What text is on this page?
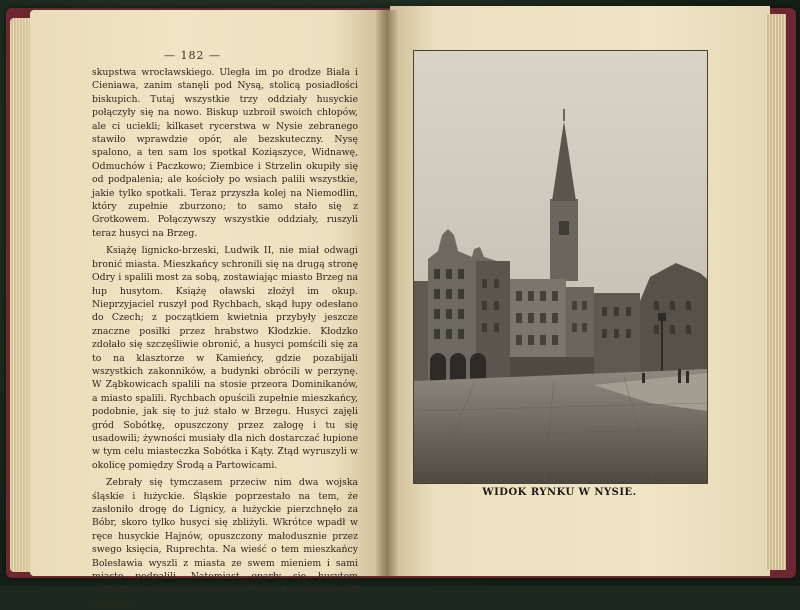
— 182 —

skupstwa wrocławskiego. Uległa im po drodze Biała i Cieniawa, zanim stanęli pod Nysą, stolicą posiadłości biskupich. Tutaj wszystkie trzy oddziały husyckie połączyły się na nowo. Biskup uzbroił swoich chłopów, ale ci uciekli; kilkaset rycerstwa w Nysie zebranego stawiło wprawdzie opór, ale bezskuteczny. Nysę spalono, a ten sam los spotkał Koziąszyce, Widnawę, Odmuchów i Paczkowo; Ziembice i Strzelin okupiły się od podpalenia; ale kościoły po wsiach palili wszystkie, jakie tylko spotkali. Teraz przyszła kolej na Niemodlin, który zupełnie zburzono; to samo stało się z Grotkowem. Połączywszy wszystkie oddziały, ruszyli teraz husyci na Brzeg.

Książę lignicko-brzeski, Ludwik II, nie miał odwagi bronić miasta. Mieszkańcy schronili się na drugą stronę Odry i spalili most za sobą, zostawiając miasto Brzeg na łup husytom. Książę oławski złożył im okup. Nieprzyjaciel ruszył pod Rychbach, skąd łupy odesłano do Czech; z początkiem kwietnia przybyły jeszcze znaczne posiłki przez hrabstwo Kłodzkie. Kłodzko zdołało się szczęśliwie obronić, a husyci pomścili się za to na klasztorze w Kamieńcy, gdzie pozabijali wszystkich zakonników, a budynki obrócili w perzynę. W Ząbkowicach spalili na stosie przeora Dominikanów, a miasto spalili. Rychbach opuścili zupełnie mieszkańcy, podobnie, jak się to już stało w Brzegu. Husyci zajęli gród Sobótkę, opuszczony przez załogę i tu się usadowili; żywności musiały dla nich dostarczać łupione w tym celu miasteczka Sobótka i Kąty. Ztąd wyruszyli w okolicę pomiędzy Środą a Partowicami.

Zebrały się tymczasem przeciw nim dwa wojska śląskie i łużyckie. Śląskie poprzestało na tem, że zasłoniło drogę do Lignicy, a łużyckie pierzchnęło za Bóbr, skoro tylko husyci się zbliżyli. Wkrótce wpadł w ręce husyckie Hajnów, opuszczony małodusznie przez swego księcia, Ruprechta. Na wieść o tem mieszkańcy Bolesławia wyszli z miasta ze swem mieniem i sami miasto podpalili. Natomiast oparły się husytom szczęśliwie miasta Ścinawa nad Odrą i Lubin (zwan też Bukowa).

WIDOK RYNKU W NYSIE.
